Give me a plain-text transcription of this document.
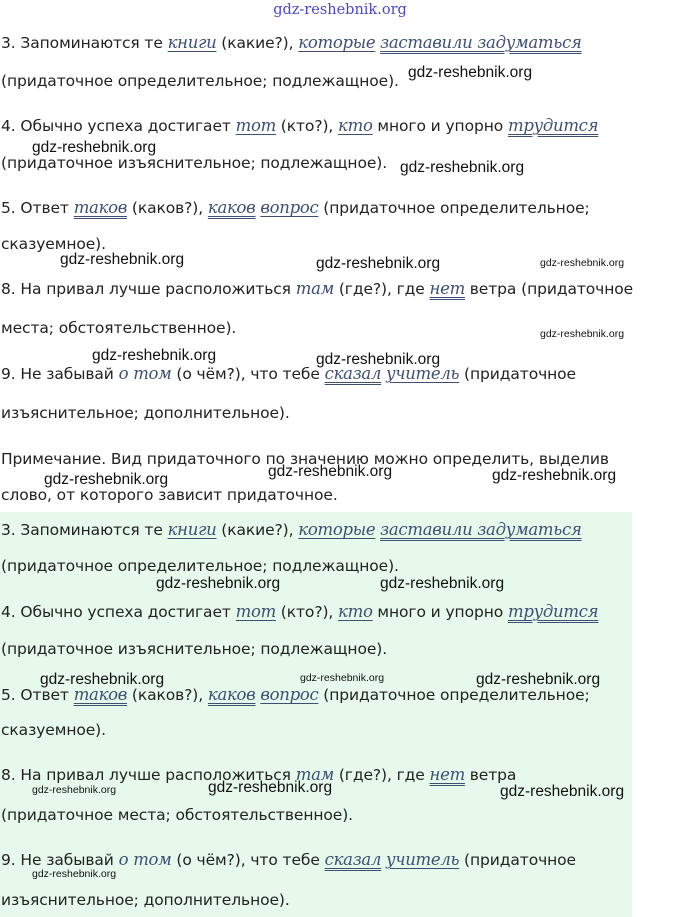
gdz-reshebnik.org
3. Запоминаются те книги (какие?), которые заставили задуматься
(придаточное определительное; подлежащное).
4. Обычно успеха достигает тот (кто?), кто много и упорно трудится
(придаточное изъяснительное; подлежащное).
5. Ответ таков (каков?), каков вопрос (придаточное определительное;
сказуемное).
8. На привал лучше расположиться там (где?), где нет ветра (придаточное
места; обстоятельственное).
9. Не забывай о том (о чём?), что тебе сказал учитель (придаточное
изъяснительное; дополнительное).
Примечание. Вид придаточного по значению можно определить, выделив
слово, от которого зависит придаточное.
3. Запоминаются те книги (какие?), которые заставили задуматься
(придаточное определительное; подлежащное).
4. Обычно успеха достигает тот (кто?), кто много и упорно трудится
(придаточное изъяснительное; подлежащное).
5. Ответ таков (каков?), каков вопрос (придаточное определительное;
сказуемное).
8. На привал лучше расположиться там (где?), где нет ветра
(придаточное места; обстоятельственное).
9. Не забывай о том (о чём?), что тебе сказал учитель (придаточное
изъяснительное; дополнительное).
gdz-reshebnik.org
gdz-reshebnik.org
gdz-reshebnik.org
gdz-reshebnik.org	gdz-reshebnik.org	gdz-reshebnik.org
gdz-reshebnik.org
gdz-reshebnik.org	gdz-reshebnik.org
gdz-reshebnik.org
gdz-reshebnik.org	gdz-reshebnik.org
gdz-reshebnik.org	gdz-reshebnik.org
gdz-reshebnik.org	gdz-reshebnik.org	gdz-reshebnik.org
gdz-reshebnik.org	gdz-reshebnik.org	gdz-reshebnik.org
gdz-reshebnik.org
